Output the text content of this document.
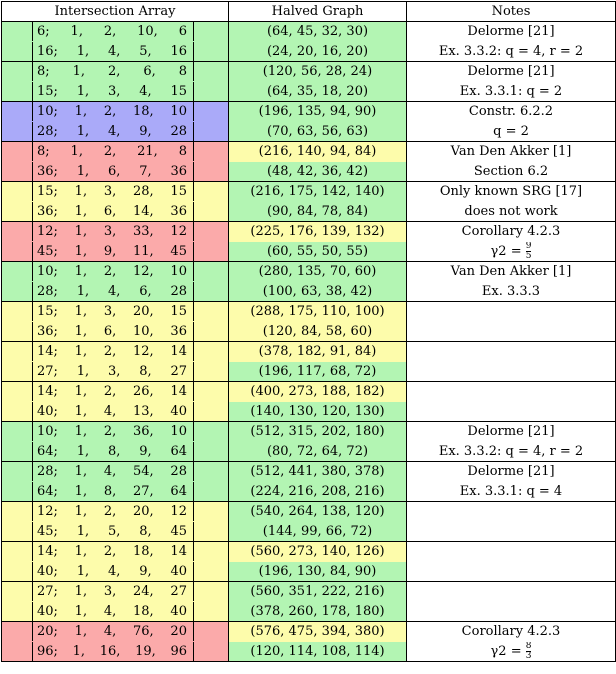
Intersection Array	Halved Graph	Notes

6; 1, 2, 10, 6	(64, 45, 32, 30)	Delorme [21]

16; 1, 4, 5, 16	(24, 20, 16, 20)	Ex. 3.3.2: q = 4, r = 2

8; 1, 2, 6, 8	(120, 56, 28, 24)	Delorme [21]

15; 1, 3, 4, 15	(64, 35, 18, 20)	Ex. 3.3.1: q = 2

10; 1, 2, 18, 10	(196, 135, 94, 90)	Constr. 6.2.2

28; 1, 4, 9, 28	(70, 63, 56, 63)	q = 2

8; 1, 2, 21, 8	(216, 140, 94, 84)	Van Den Akker [1]

36; 1, 6, 7, 36	(48, 42, 36, 42)	Section 6.2

15; 1, 3, 28, 15	(216, 175, 142, 140)	Only known SRG [17]

36; 1, 6, 14, 36	(90, 84, 78, 84)	does not work

12; 1, 3, 33, 12	(225, 176, 139, 132)	Corollary 4.2.3

45; 1, 9, 11, 45	(60, 55, 50, 55)	$\gamma 2 = \frac{9}{5}$

10; 1, 2, 12, 10	(280, 135, 70, 60)	Van Den Akker [1]

28; 1, 4, 6, 28	(100, 63, 38, 42)	Ex. 3.3.3

15; 1, 3, 20, 15	(288, 175, 110, 100)	

36; 1, 6, 10, 36	(120, 84, 58, 60)	

14; 1, 2, 12, 14	(378, 182, 91, 84)	

27; 1, 3, 8, 27	(196, 117, 68, 72)	

14; 1, 2, 26, 14	(400, 273, 188, 182)	

40; 1, 4, 13, 40	(140, 130, 120, 130)	

10; 1, 2, 36, 10	(512, 315, 202, 180)	Delorme [21]

64; 1, 8, 9, 64	(80, 72, 64, 72)	Ex. 3.3.2: q = 4, r = 2

28; 1, 4, 54, 28	(512, 441, 380, 378)	Delorme [21]

64; 1, 8, 27, 64	(224, 216, 208, 216)	Ex. 3.3.1: q = 4

12; 1, 2, 20, 12	(540, 264, 138, 120)	

45; 1, 5, 8, 45	(144, 99, 66, 72)	

14; 1, 2, 18, 14	(560, 273, 140, 126)	

40; 1, 4, 9, 40	(196, 130, 84, 90)	

27; 1, 3, 24, 27	(560, 351, 222, 216)	

40; 1, 4, 18, 40	(378, 260, 178, 180)	

20; 1, 4, 76, 20	(576, 475, 394, 380)	Corollary 4.2.3

96; 1, 16, 19, 96	(120, 114, 108, 114)	$\gamma 2 = \frac{8}{3}$
